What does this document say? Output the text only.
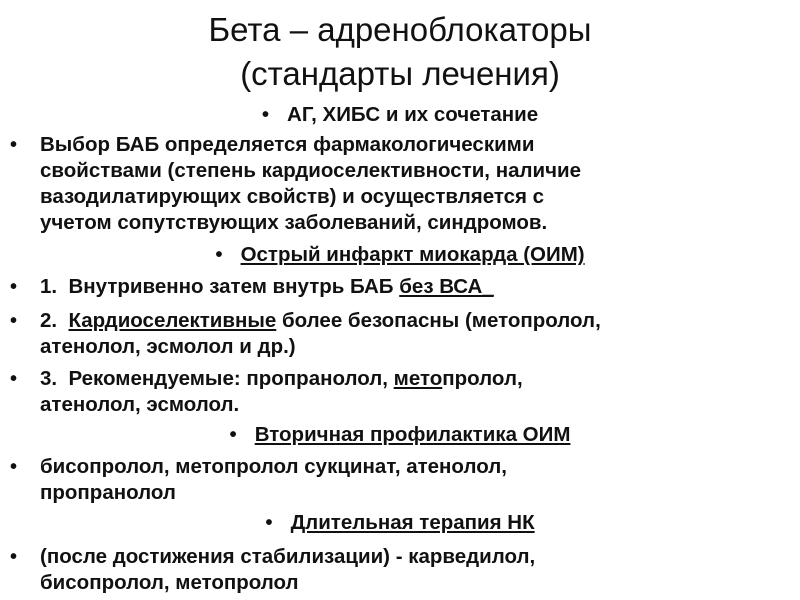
Бета – адреноблокаторы
(стандарты лечения)
• АГ, ХИБС и их сочетание
• Выбор БАБ определяется фармакологическими
свойствами (степень кардиоселективности, наличие
вазодилатирующих свойств) и осуществляется с
учетом сопутствующих заболеваний, синдромов.
• Острый инфаркт миокарда (ОИМ)
• 1.  Внутривенно затем внутрь БАБ без ВСА_
• 2.  Кардиоселективные более безопасны (метопролол,
атенолол, эсмолол и др.)
• 3.  Рекомендуемые: пропранолол, метопролол,
атенолол, эсмолол.
• Вторичная профилактика ОИМ
• бисопролол, метопролол сукцинат, атенолол,
пропранолол
• Длительная терапия НК
• (после достижения стабилизации) - карведилол,
бисопролол, метопролол
